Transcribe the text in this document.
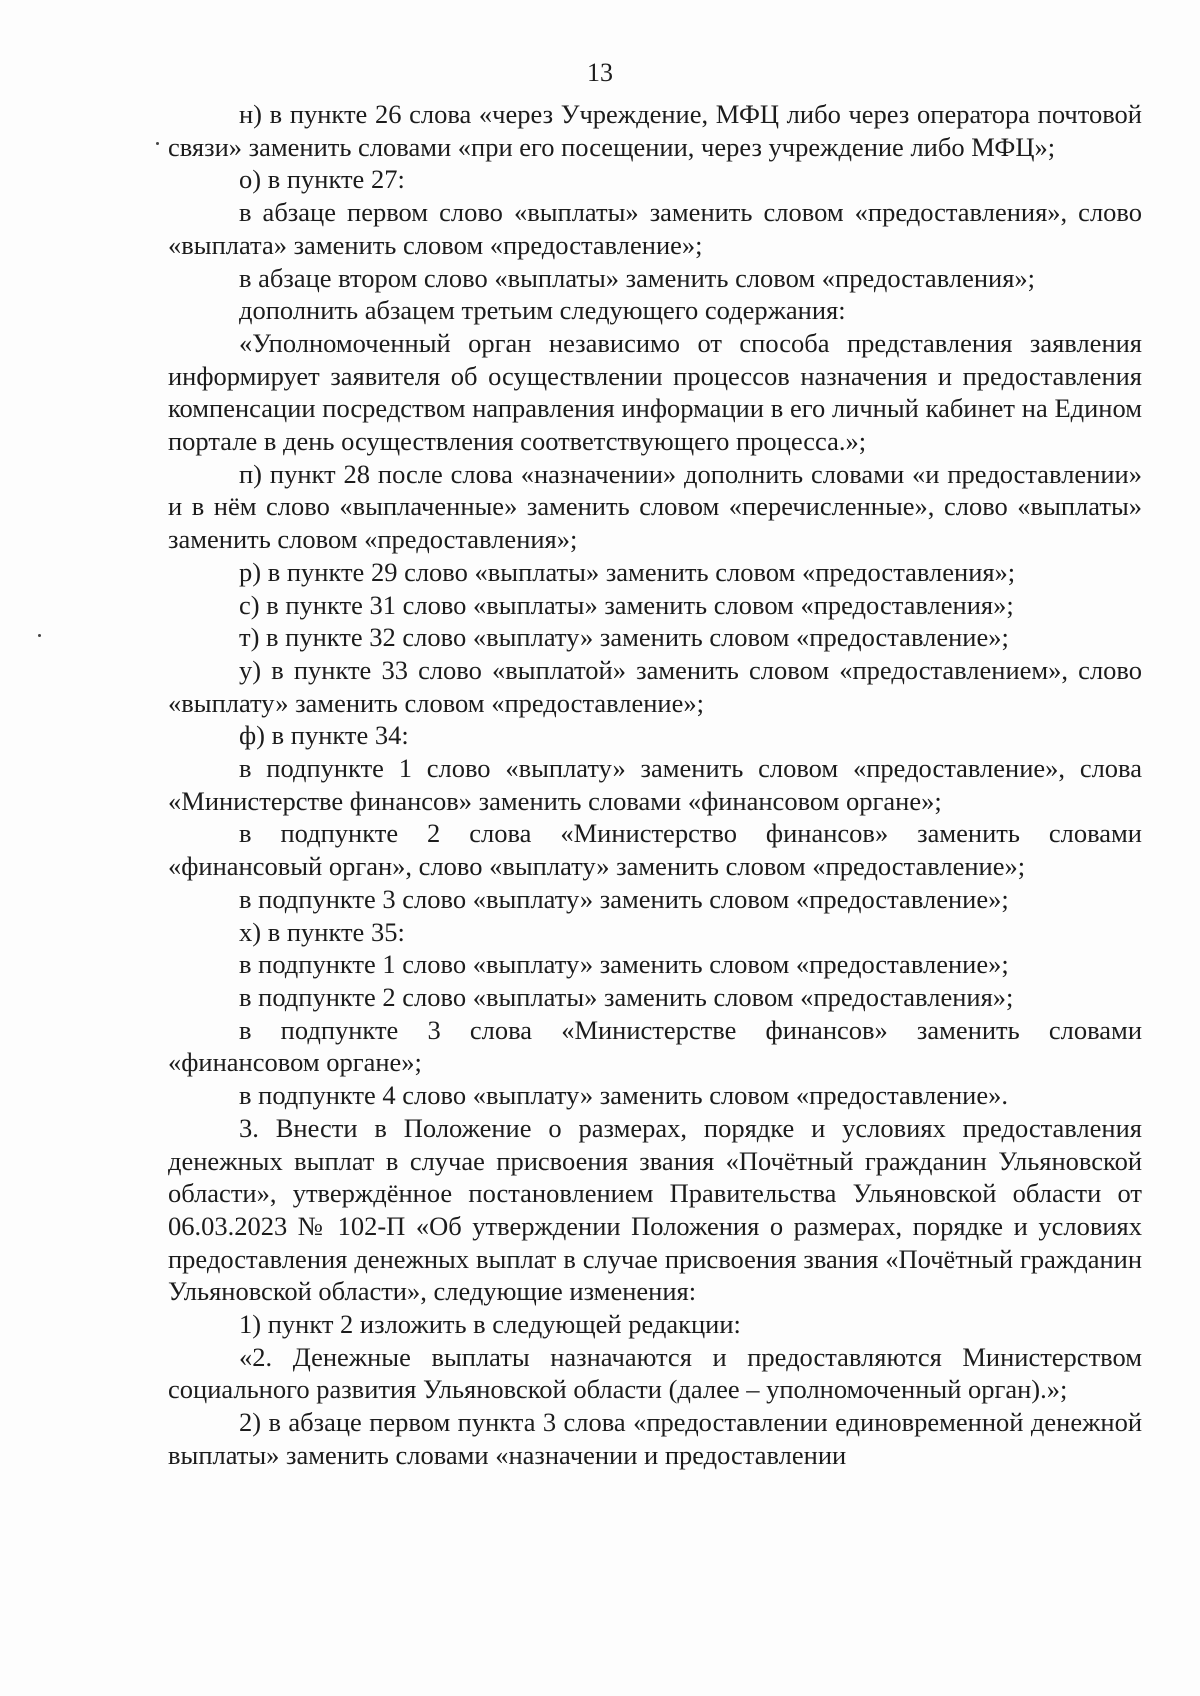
13

н) в пункте 26 слова «через Учреждение, МФЦ либо через оператора почтовой связи» заменить словами «при его посещении, через учреждение либо МФЦ»;

о) в пункте 27:

в абзаце первом слово «выплаты» заменить словом «предоставления», слово «выплата» заменить словом «предоставление»;

в абзаце втором слово «выплаты» заменить словом «предоставления»;

дополнить абзацем третьим следующего содержания:

«Уполномоченный орган независимо от способа представления заявления информирует заявителя об осуществлении процессов назначения и предоставления компенсации посредством направления информации в его личный кабинет на Едином портале в день осуществления соответствующего процесса.»;

п) пункт 28 после слова «назначении» дополнить словами «и предоставлении» и в нём слово «выплаченные» заменить словом «перечисленные», слово «выплаты» заменить словом «предоставления»;

р) в пункте 29 слово «выплаты» заменить словом «предоставления»;

с) в пункте 31 слово «выплаты» заменить словом «предоставления»;

т) в пункте 32 слово «выплату» заменить словом «предоставление»;

у) в пункте 33 слово «выплатой» заменить словом «предоставлением», слово «выплату» заменить словом «предоставление»;

ф) в пункте 34:

в подпункте 1 слово «выплату» заменить словом «предоставление», слова «Министерстве финансов» заменить словами «финансовом органе»;

в подпункте 2 слова «Министерство финансов» заменить словами «финансовый орган», слово «выплату» заменить словом «предоставление»;

в подпункте 3 слово «выплату» заменить словом «предоставление»;

х) в пункте 35:

в подпункте 1 слово «выплату» заменить словом «предоставление»;

в подпункте 2 слово «выплаты» заменить словом «предоставления»;

в подпункте 3 слова «Министерстве финансов» заменить словами «финансовом органе»;

в подпункте 4 слово «выплату» заменить словом «предоставление».

3. Внести в Положение о размерах, порядке и условиях предоставления денежных выплат в случае присвоения звания «Почётный гражданин Ульяновской области», утверждённое постановлением Правительства Ульяновской области от 06.03.2023 № 102-П «Об утверждении Положения о размерах, порядке и условиях предоставления денежных выплат в случае присвоения звания «Почётный гражданин Ульяновской области», следующие изменения:

1) пункт 2 изложить в следующей редакции:

«2. Денежные выплаты назначаются и предоставляются Министерством социального развития Ульяновской области (далее – уполномоченный орган).»;

2) в абзаце первом пункта 3 слова «предоставлении единовременной денежной выплаты» заменить словами «назначении и предоставлении
